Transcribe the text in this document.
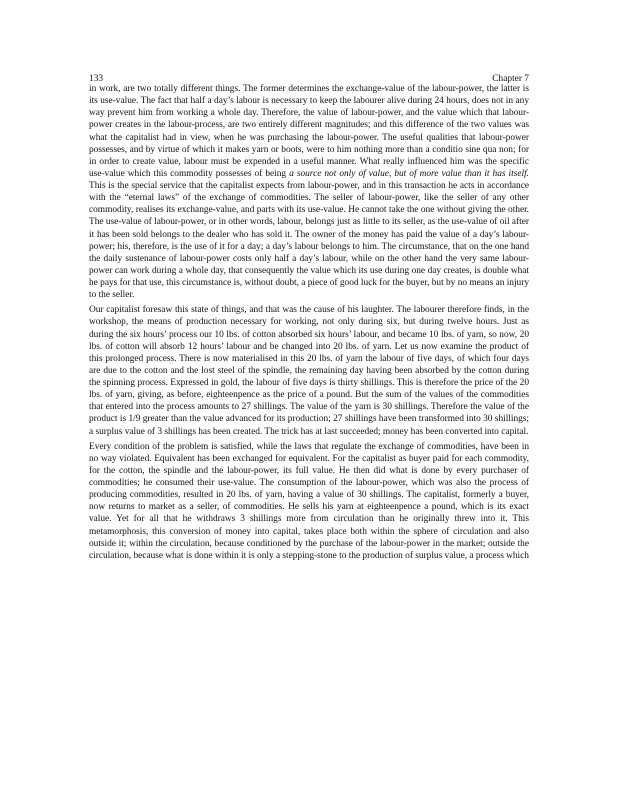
133	Chapter 7

in work, are two totally different things. The former determines the exchange-value of the labour-power, the latter is its use-value. The fact that half a day’s labour is necessary to keep the labourer alive during 24 hours, does not in any way prevent him from working a whole day. Therefore, the value of labour-power, and the value which that labour-power creates in the labour-process, are two entirely different magnitudes; and this difference of the two values was what the capitalist had in view, when he was purchasing the labour-power. The useful qualities that labour-power possesses, and by virtue of which it makes yarn or boots, were to him nothing more than a conditio sine qua non; for in order to create value, labour must be expended in a useful manner. What really influenced him was the specific use-value which this commodity possesses of being a source not only of value, but of more value than it has itself. This is the special service that the capitalist expects from labour-power, and in this transaction he acts in accordance with the “eternal laws” of the exchange of commodities. The seller of labour-power, like the seller of any other commodity, realises its exchange-value, and parts with its use-value. He cannot take the one without giving the other. The use-value of labour-power, or in other words, labour, belongs just as little to its seller, as the use-value of oil after it has been sold belongs to the dealer who has sold it. The owner of the money has paid the value of a day’s labour-power; his, therefore, is the use of it for a day; a day’s labour belongs to him. The circumstance, that on the one hand the daily sustenance of labour-power costs only half a day’s labour, while on the other hand the very same labour-power can work during a whole day, that consequently the value which its use during one day creates, is double what he pays for that use, this circumstance is, without doubt, a piece of good luck for the buyer, but by no means an injury to the seller.

Our capitalist foresaw this state of things, and that was the cause of his laughter. The labourer therefore finds, in the workshop, the means of production necessary for working, not only during six, but during twelve hours. Just as during the six hours’ process our 10 lbs. of cotton absorbed six hours’ labour, and became 10 lbs. of yarn, so now, 20 lbs. of cotton will absorb 12 hours’ labour and be changed into 20 lbs. of yarn. Let us now examine the product of this prolonged process. There is now materialised in this 20 lbs. of yarn the labour of five days, of which four days are due to the cotton and the lost steel of the spindle, the remaining day having been absorbed by the cotton during the spinning process. Expressed in gold, the labour of five days is thirty shillings. This is therefore the price of the 20 lbs. of yarn, giving, as before, eighteenpence as the price of a pound. But the sum of the values of the commodities that entered into the process amounts to 27 shillings. The value of the yarn is 30 shillings. Therefore the value of the product is 1/9 greater than the value advanced for its production; 27 shillings have been transformed into 30 shillings; a surplus value of 3 shillings has been created. The trick has at last succeeded; money has been converted into capital.

Every condition of the problem is satisfied, while the laws that regulate the exchange of commodities, have been in no way violated. Equivalent has been exchanged for equivalent. For the capitalist as buyer paid for each commodity, for the cotton, the spindle and the labour-power, its full value. He then did what is done by every purchaser of commodities; he consumed their use-value. The consumption of the labour-power, which was also the process of producing commodities, resulted in 20 lbs. of yarn, having a value of 30 shillings. The capitalist, formerly a buyer, now returns to market as a seller, of commodities. He sells his yarn at eighteenpence a pound, which is its exact value. Yet for all that he withdraws 3 shillings more from circulation than he originally threw into it. This metamorphosis, this conversion of money into capital, takes place both within the sphere of circulation and also outside it; within the circulation, because conditioned by the purchase of the labour-power in the market; outside the circulation, because what is done within it is only a stepping-stone to the production of surplus value, a process which
